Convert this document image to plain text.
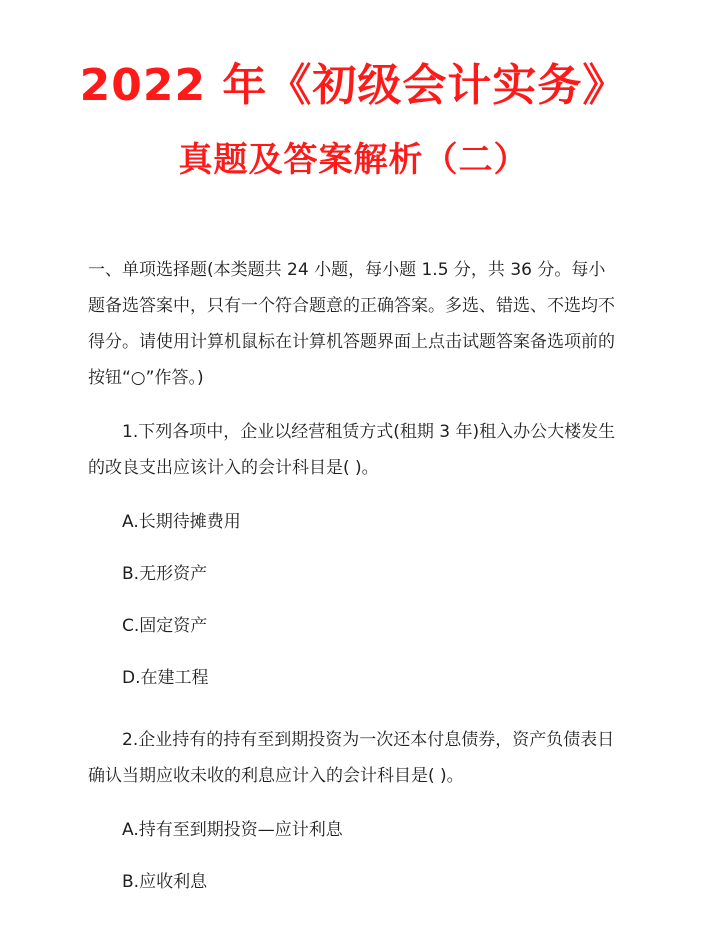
2022 年《初级会计实务》
真题及答案解析（二）

一、单项选择题(本类题共 24 小题，每小题 1.5 分，共 36 分。每小题备选答案中，只有一个符合题意的正确答案。多选、错选、不选均不得分。请使用计算机鼠标在计算机答题界面上点击试题答案备选项前的按钮“○”作答。)

1.下列各项中，企业以经营租赁方式(租期 3 年)租入办公大楼发生的改良支出应该计入的会计科目是( )。

A.长期待摊费用

B.无形资产

C.固定资产

D.在建工程

2.企业持有的持有至到期投资为一次还本付息债券，资产负债表日确认当期应收未收的利息应计入的会计科目是( )。

A.持有至到期投资—应计利息

B.应收利息
